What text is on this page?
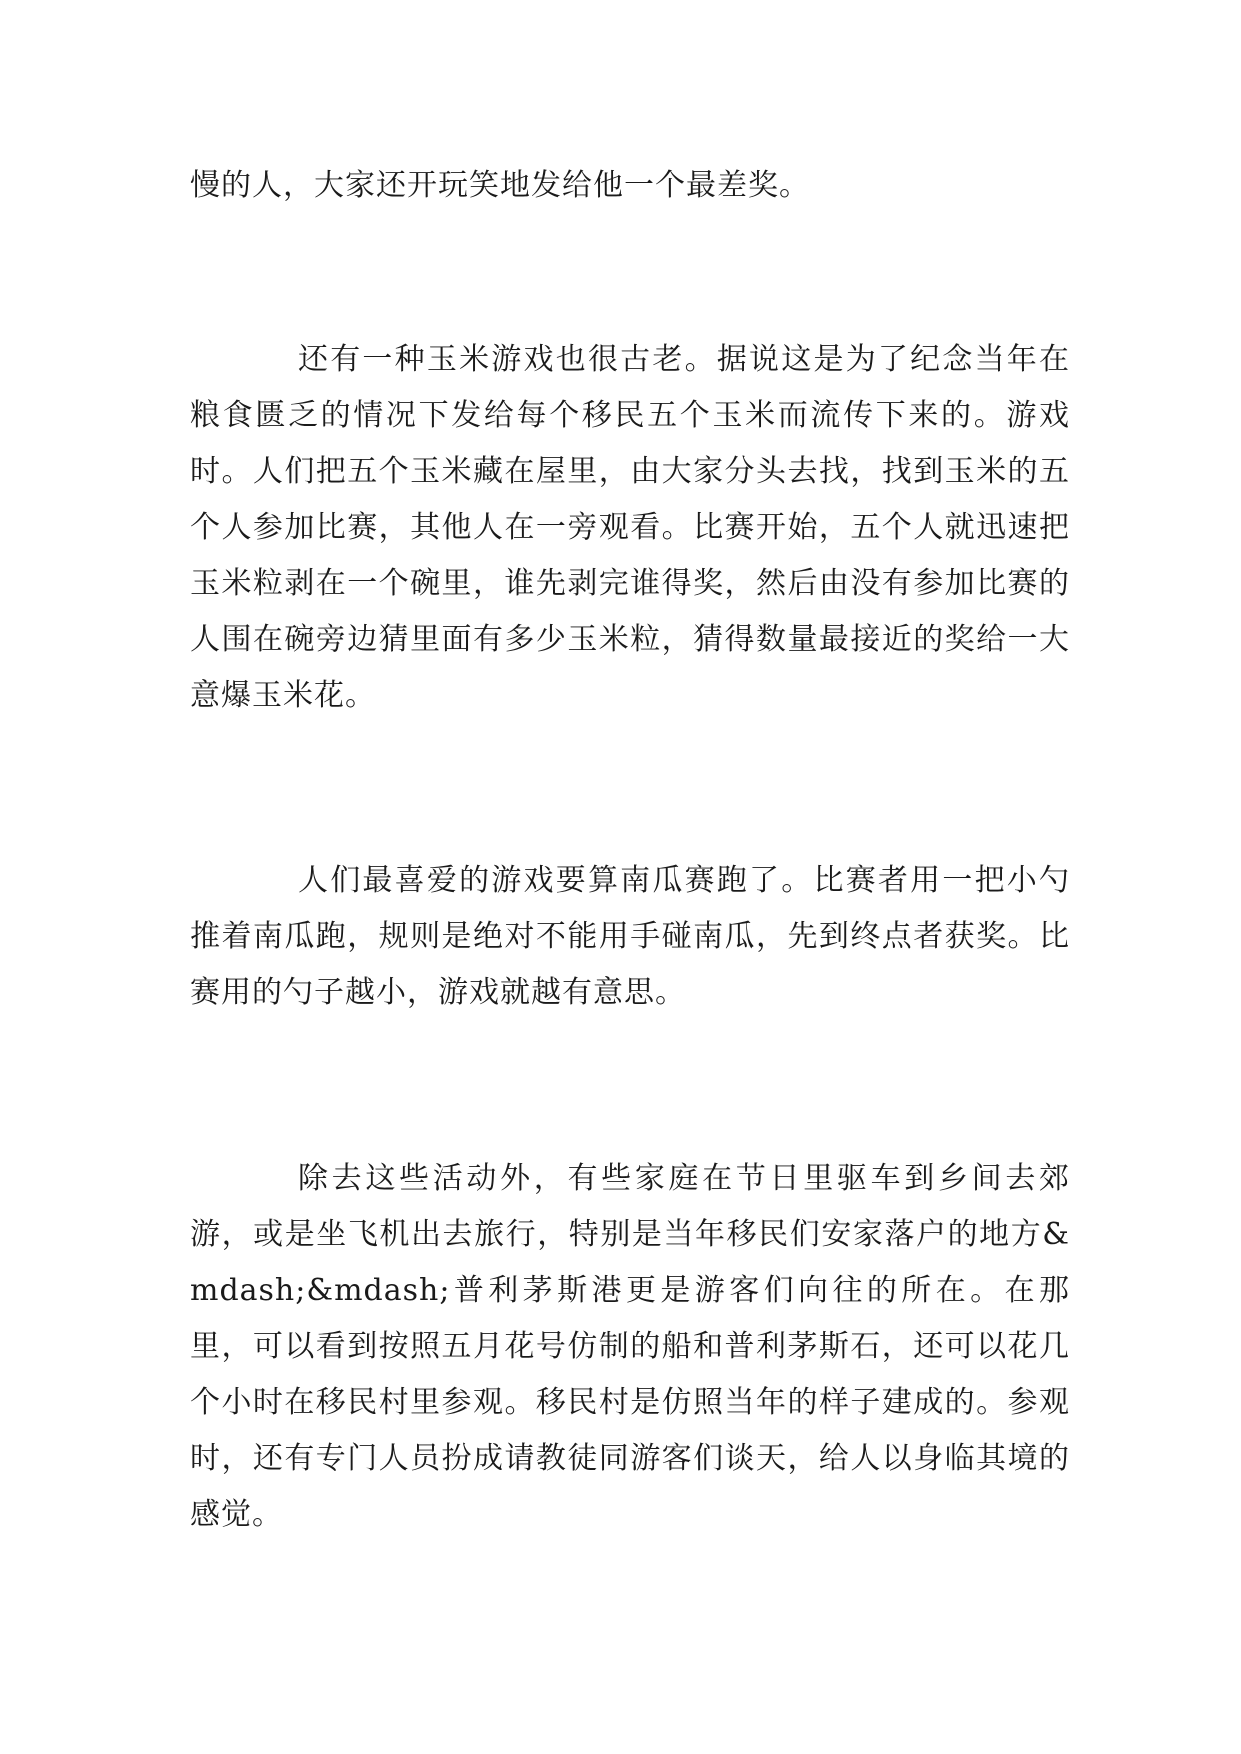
慢的人，大家还开玩笑地发给他一个最差奖。

还有一种玉米游戏也很古老。据说这是为了纪念当年在粮食匮乏的情况下发给每个移民五个玉米而流传下来的。游戏时。人们把五个玉米藏在屋里，由大家分头去找，找到玉米的五个人参加比赛，其他人在一旁观看。比赛开始，五个人就迅速把玉米粒剥在一个碗里，谁先剥完谁得奖，然后由没有参加比赛的人围在碗旁边猜里面有多少玉米粒，猜得数量最接近的奖给一大意爆玉米花。

人们最喜爱的游戏要算南瓜赛跑了。比赛者用一把小勺推着南瓜跑，规则是绝对不能用手碰南瓜，先到终点者获奖。比赛用的勺子越小，游戏就越有意思。

除去这些活动外，有些家庭在节日里驱车到乡间去郊游，或是坐飞机出去旅行，特别是当年移民们安家落户的地方&mdash;&mdash;普利茅斯港更是游客们向往的所在。在那里，可以看到按照五月花号仿制的船和普利茅斯石，还可以花几个小时在移民村里参观。移民村是仿照当年的样子建成的。参观时，还有专门人员扮成请教徒同游客们谈天，给人以身临其境的感觉。
